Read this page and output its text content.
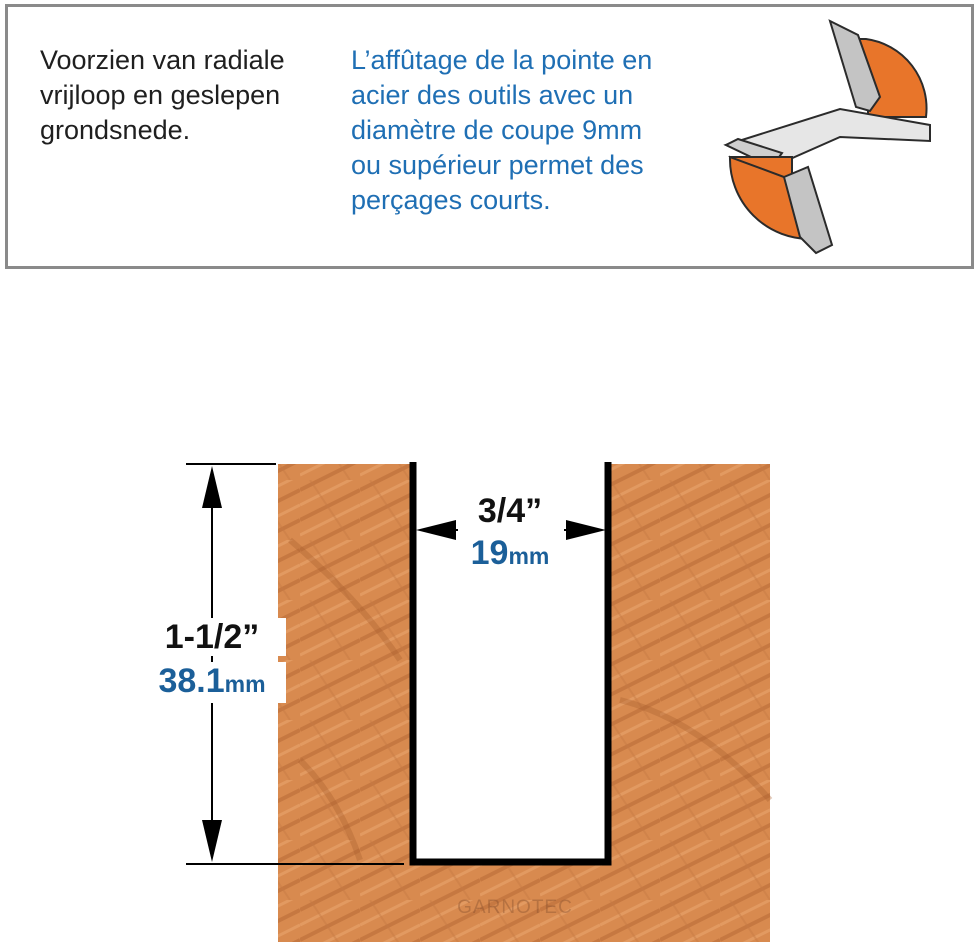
Voorzien van radiale
vrijloop en geslepen
grondsnede.
L’affûtage de la pointe en
acier des outils avec un
diamètre de coupe 9mm
ou supérieur permet des
perçages courts.
3/4”
19mm
1-1/2”
38.1mm
GARNOTEC
